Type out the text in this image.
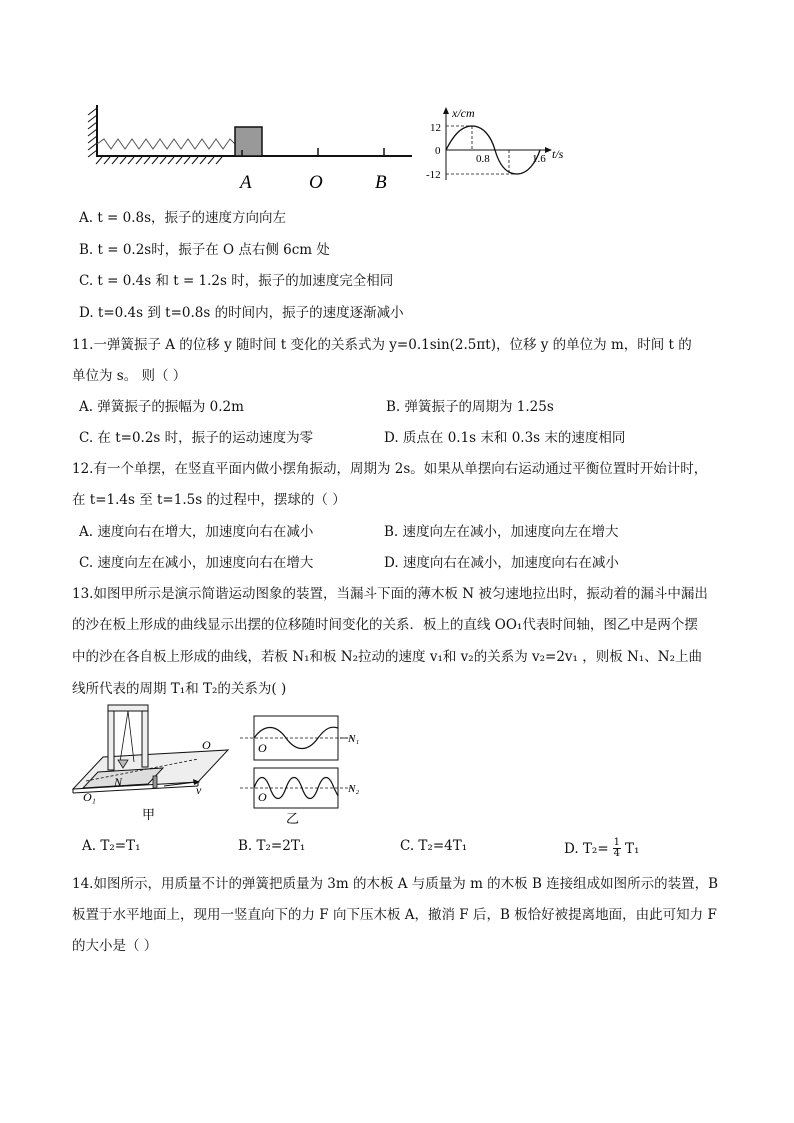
A	O	B
x/cm
t/s
12
0
-12
0.8	1.6
A. t = 0.8s，振子的速度方向向左
B. t = 0.2s时，振子在 O 点右侧 6cm 处
C. t = 0.4s 和 t = 1.2s 时，振子的加速度完全相同
D. t=0.4s 到 t=0.8s 的时间内，振子的速度逐渐减小
11.一弹簧振子 A 的位移 y 随时间 t 变化的关系式为 y=0.1sin(2.5πt)，位移 y 的单位为 m，时间 t 的
单位为 s。 则（ ）
A. 弹簧振子的振幅为 0.2m	B. 弹簧振子的周期为 1.25s
C. 在 t=0.2s 时，振子的运动速度为零	D. 质点在 0.1s 末和 0.3s 末的速度相同
12.有一个单摆，在竖直平面内做小摆角振动，周期为 2s。如果从单摆向右运动通过平衡位置时开始计时，
在 t=1.4s 至 t=1.5s 的过程中，摆球的（ ）
A. 速度向右在增大，加速度向右在减小	B. 速度向左在减小，加速度向左在增大
C. 速度向左在减小，加速度向右在增大	D. 速度向右在减小，加速度向右在减小
13.如图甲所示是演示简谐运动图象的装置，当漏斗下面的薄木板 N 被匀速地拉出时，振动着的漏斗中漏出
的沙在板上形成的曲线显示出摆的位移随时间变化的关系．板上的直线 OO₁代表时间轴，图乙中是两个摆
中的沙在各自板上形成的曲线，若板 N₁和板 N₂拉动的速度 v₁和 v₂的关系为 v₂=2v₁ ，则板 N₁、N₂上曲
线所代表的周期 T₁和 T₂的关系为( )
O
O₁
N
v
甲
O
O
N₁
N₂
乙
A. T₂=T₁	B. T₂=2T₁	C. T₂=4T₁	D. $T_2= \frac{1}{4} T_1$
14.如图所示，用质量不计的弹簧把质量为 3m 的木板 A 与质量为 m 的木板 B 连接组成如图所示的装置，B
板置于水平地面上，现用一竖直向下的力 F 向下压木板 A，撤消 F 后，B 板恰好被提离地面，由此可知力 F
的大小是（ ）
